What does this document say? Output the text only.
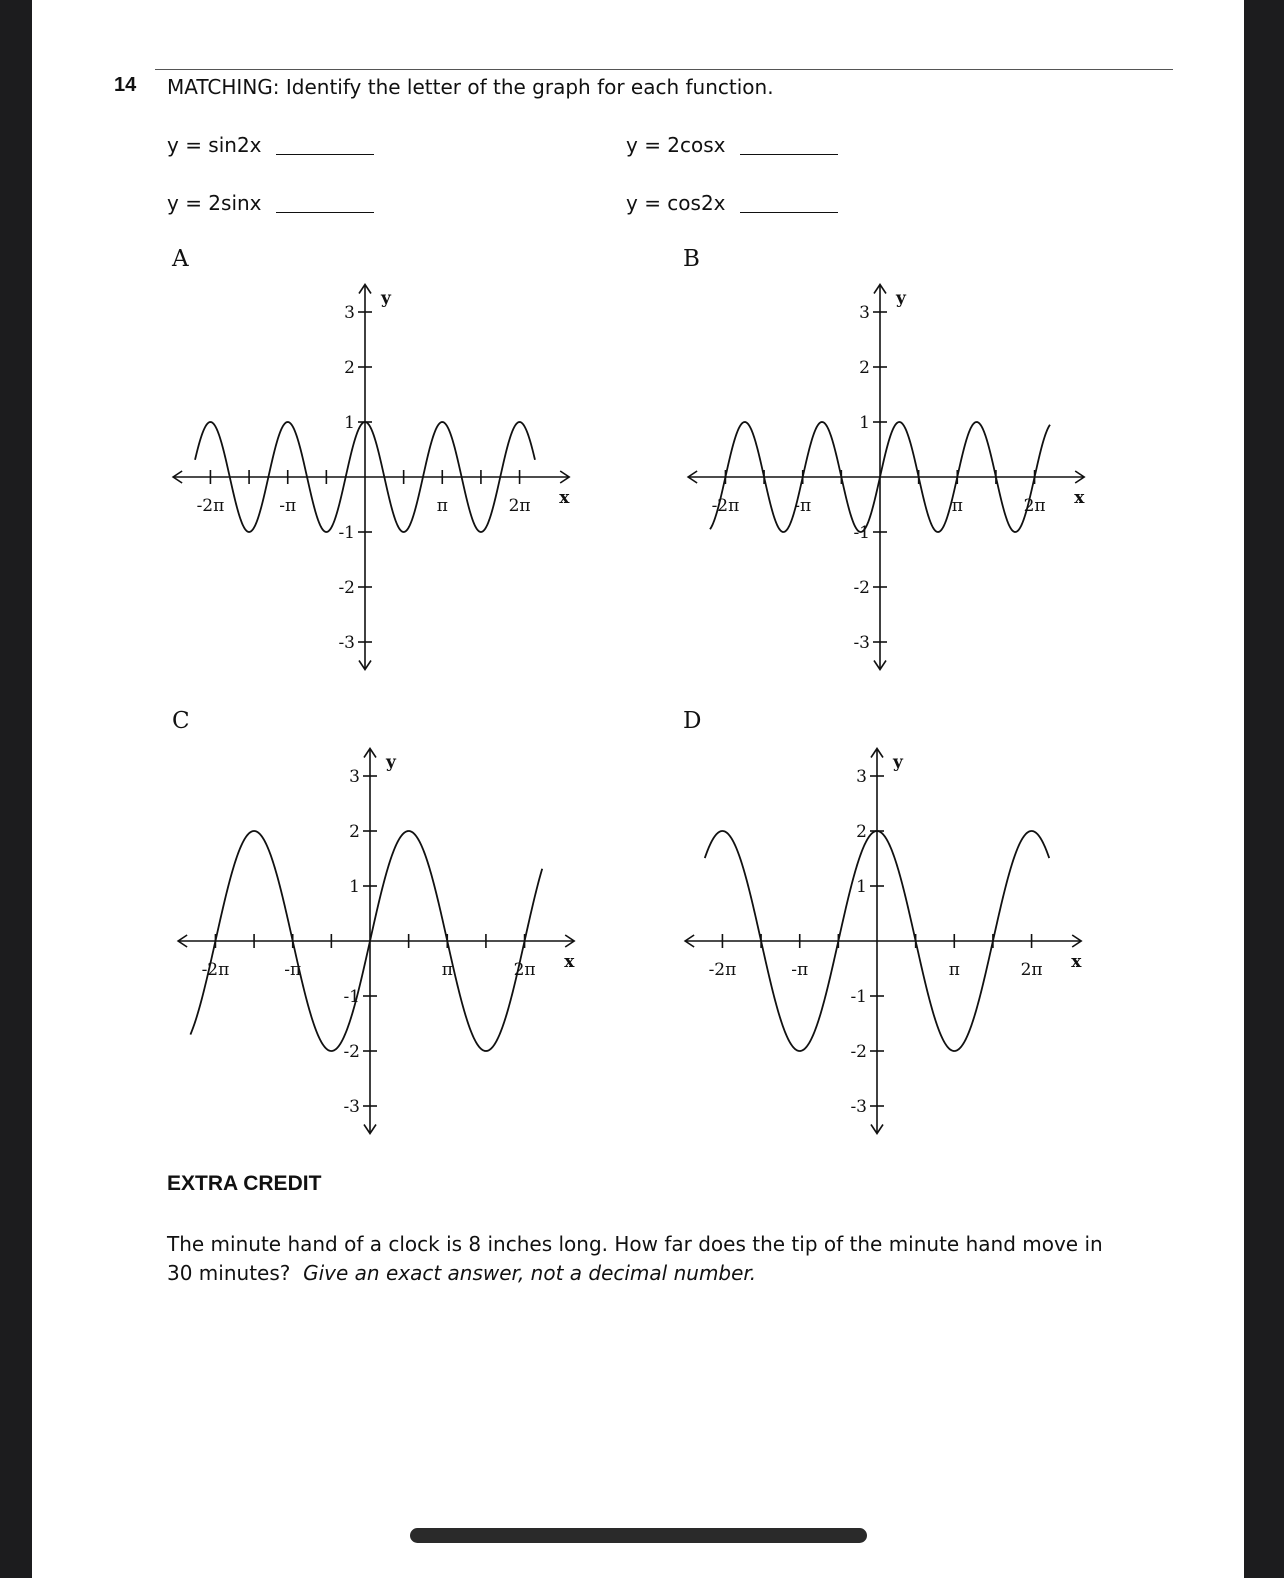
14 MATCHING: Identify the letter of the graph for each function.
y = sin2x	y = 2cosx
y = 2sinx	y = cos2x
A	B
C	D
-2π	-π	π	2π
3
2
1
-1
-2
-3
x
y
-2π	-π	π	2π
3
2
1
-1
-2
-3
x
y
-2π	-π	π	2π
3
2
1
-1
-2
-3
x
y
-2π	-π	π	2π
3
2
1
-1
-2
-3
x
y
EXTRA CREDIT
The minute hand of a clock is 8 inches long. How far does the tip of the minute hand move in 30 minutes? Give an exact answer, not a decimal number.
